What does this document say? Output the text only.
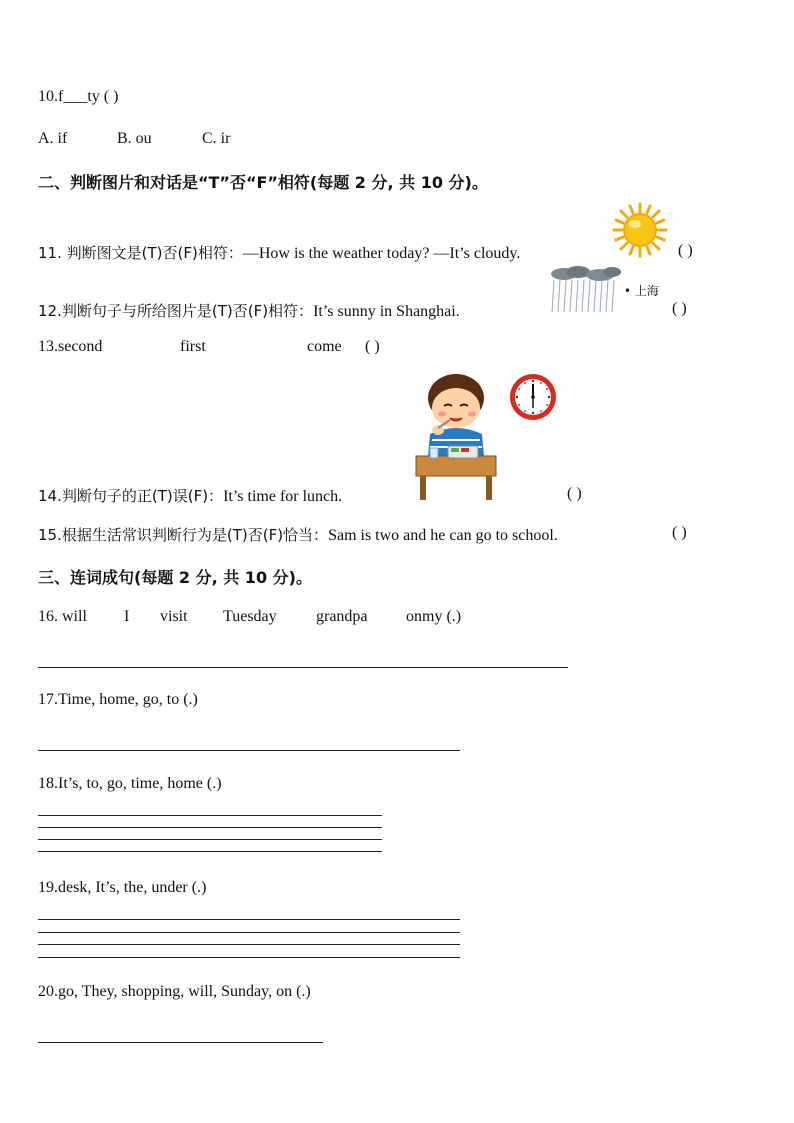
10.f___ty ( )
A. if	B. ou	C. ir
二、判断图片和对话是“T”否“F”相符(每题 2 分, 共 10 分)。
11. 判断图文是(T)否(F)相符：—How is the weather today? —It’s cloudy.	( )
12.判断句子与所给图片是(T)否(F)相符：It’s sunny in Shanghai.
• 上海
( )
13.second	first	come ( )
14.判断句子的正(T)误(F)：It’s time for lunch.	( )
15.根据生活常识判断行为是(T)否(F)恰当：Sam is two and he can go to school.	( )
三、连词成句(每题 2 分, 共 10 分)。
16. will I visit Tuesday grandpa onmy (.)
17.Time, home, go, to (.)
18.It’s, to, go, time, home (.)
19.desk, It’s, the, under (.)
20.go, They, shopping, will, Sunday, on (.)
